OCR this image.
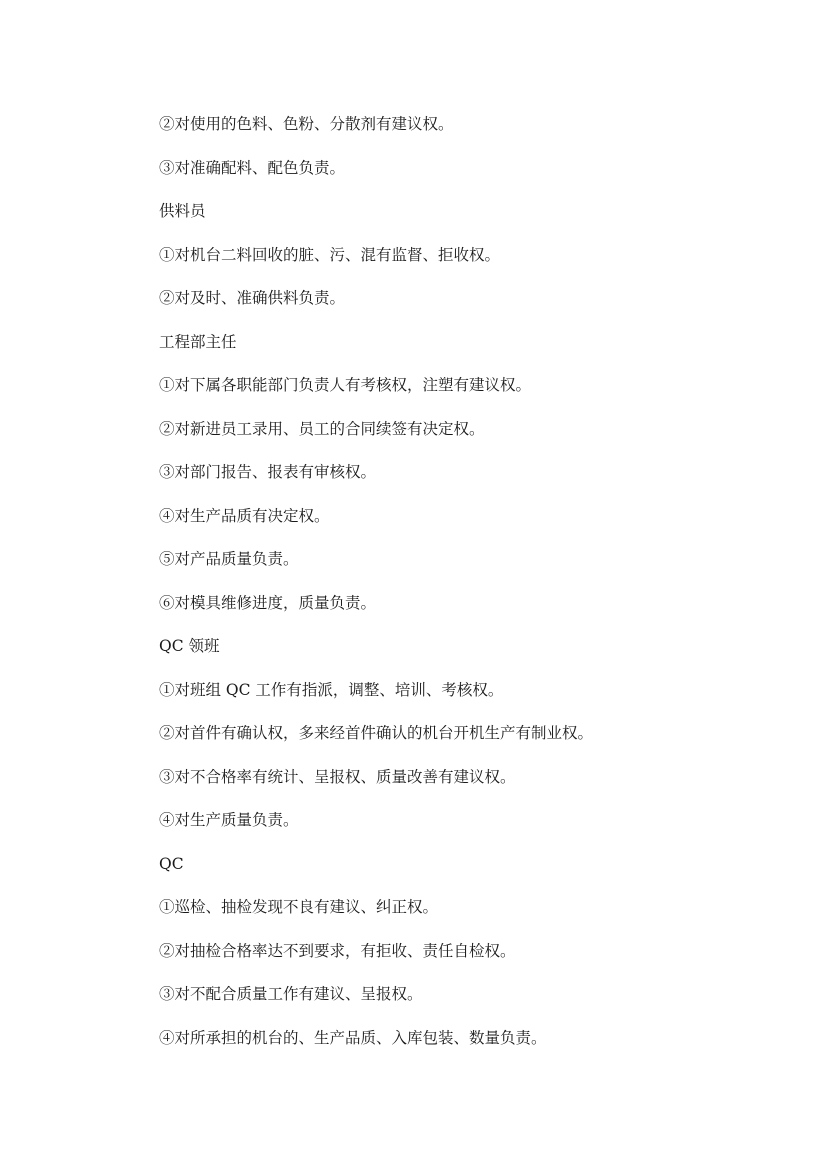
②对使用的色料、色粉、分散剂有建议权。
③对准确配料、配色负责。
供料员
①对机台二料回收的脏、污、混有监督、拒收权。
②对及时、准确供料负责。
工程部主任
①对下属各职能部门负责人有考核权，注塑有建议权。
②对新进员工录用、员工的合同续签有决定权。
③对部门报告、报表有审核权。
④对生产品质有决定权。
⑤对产品质量负责。
⑥对模具维修进度，质量负责。
QC 领班
①对班组 QC 工作有指派，调整、培训、考核权。
②对首件有确认权，多来经首件确认的机台开机生产有制业权。
③对不合格率有统计、呈报权、质量改善有建议权。
④对生产质量负责。
QC
①巡检、抽检发现不良有建议、纠正权。
②对抽检合格率达不到要求，有拒收、责任自检权。
③对不配合质量工作有建议、呈报权。
④对所承担的机台的、生产品质、入库包装、数量负责。
